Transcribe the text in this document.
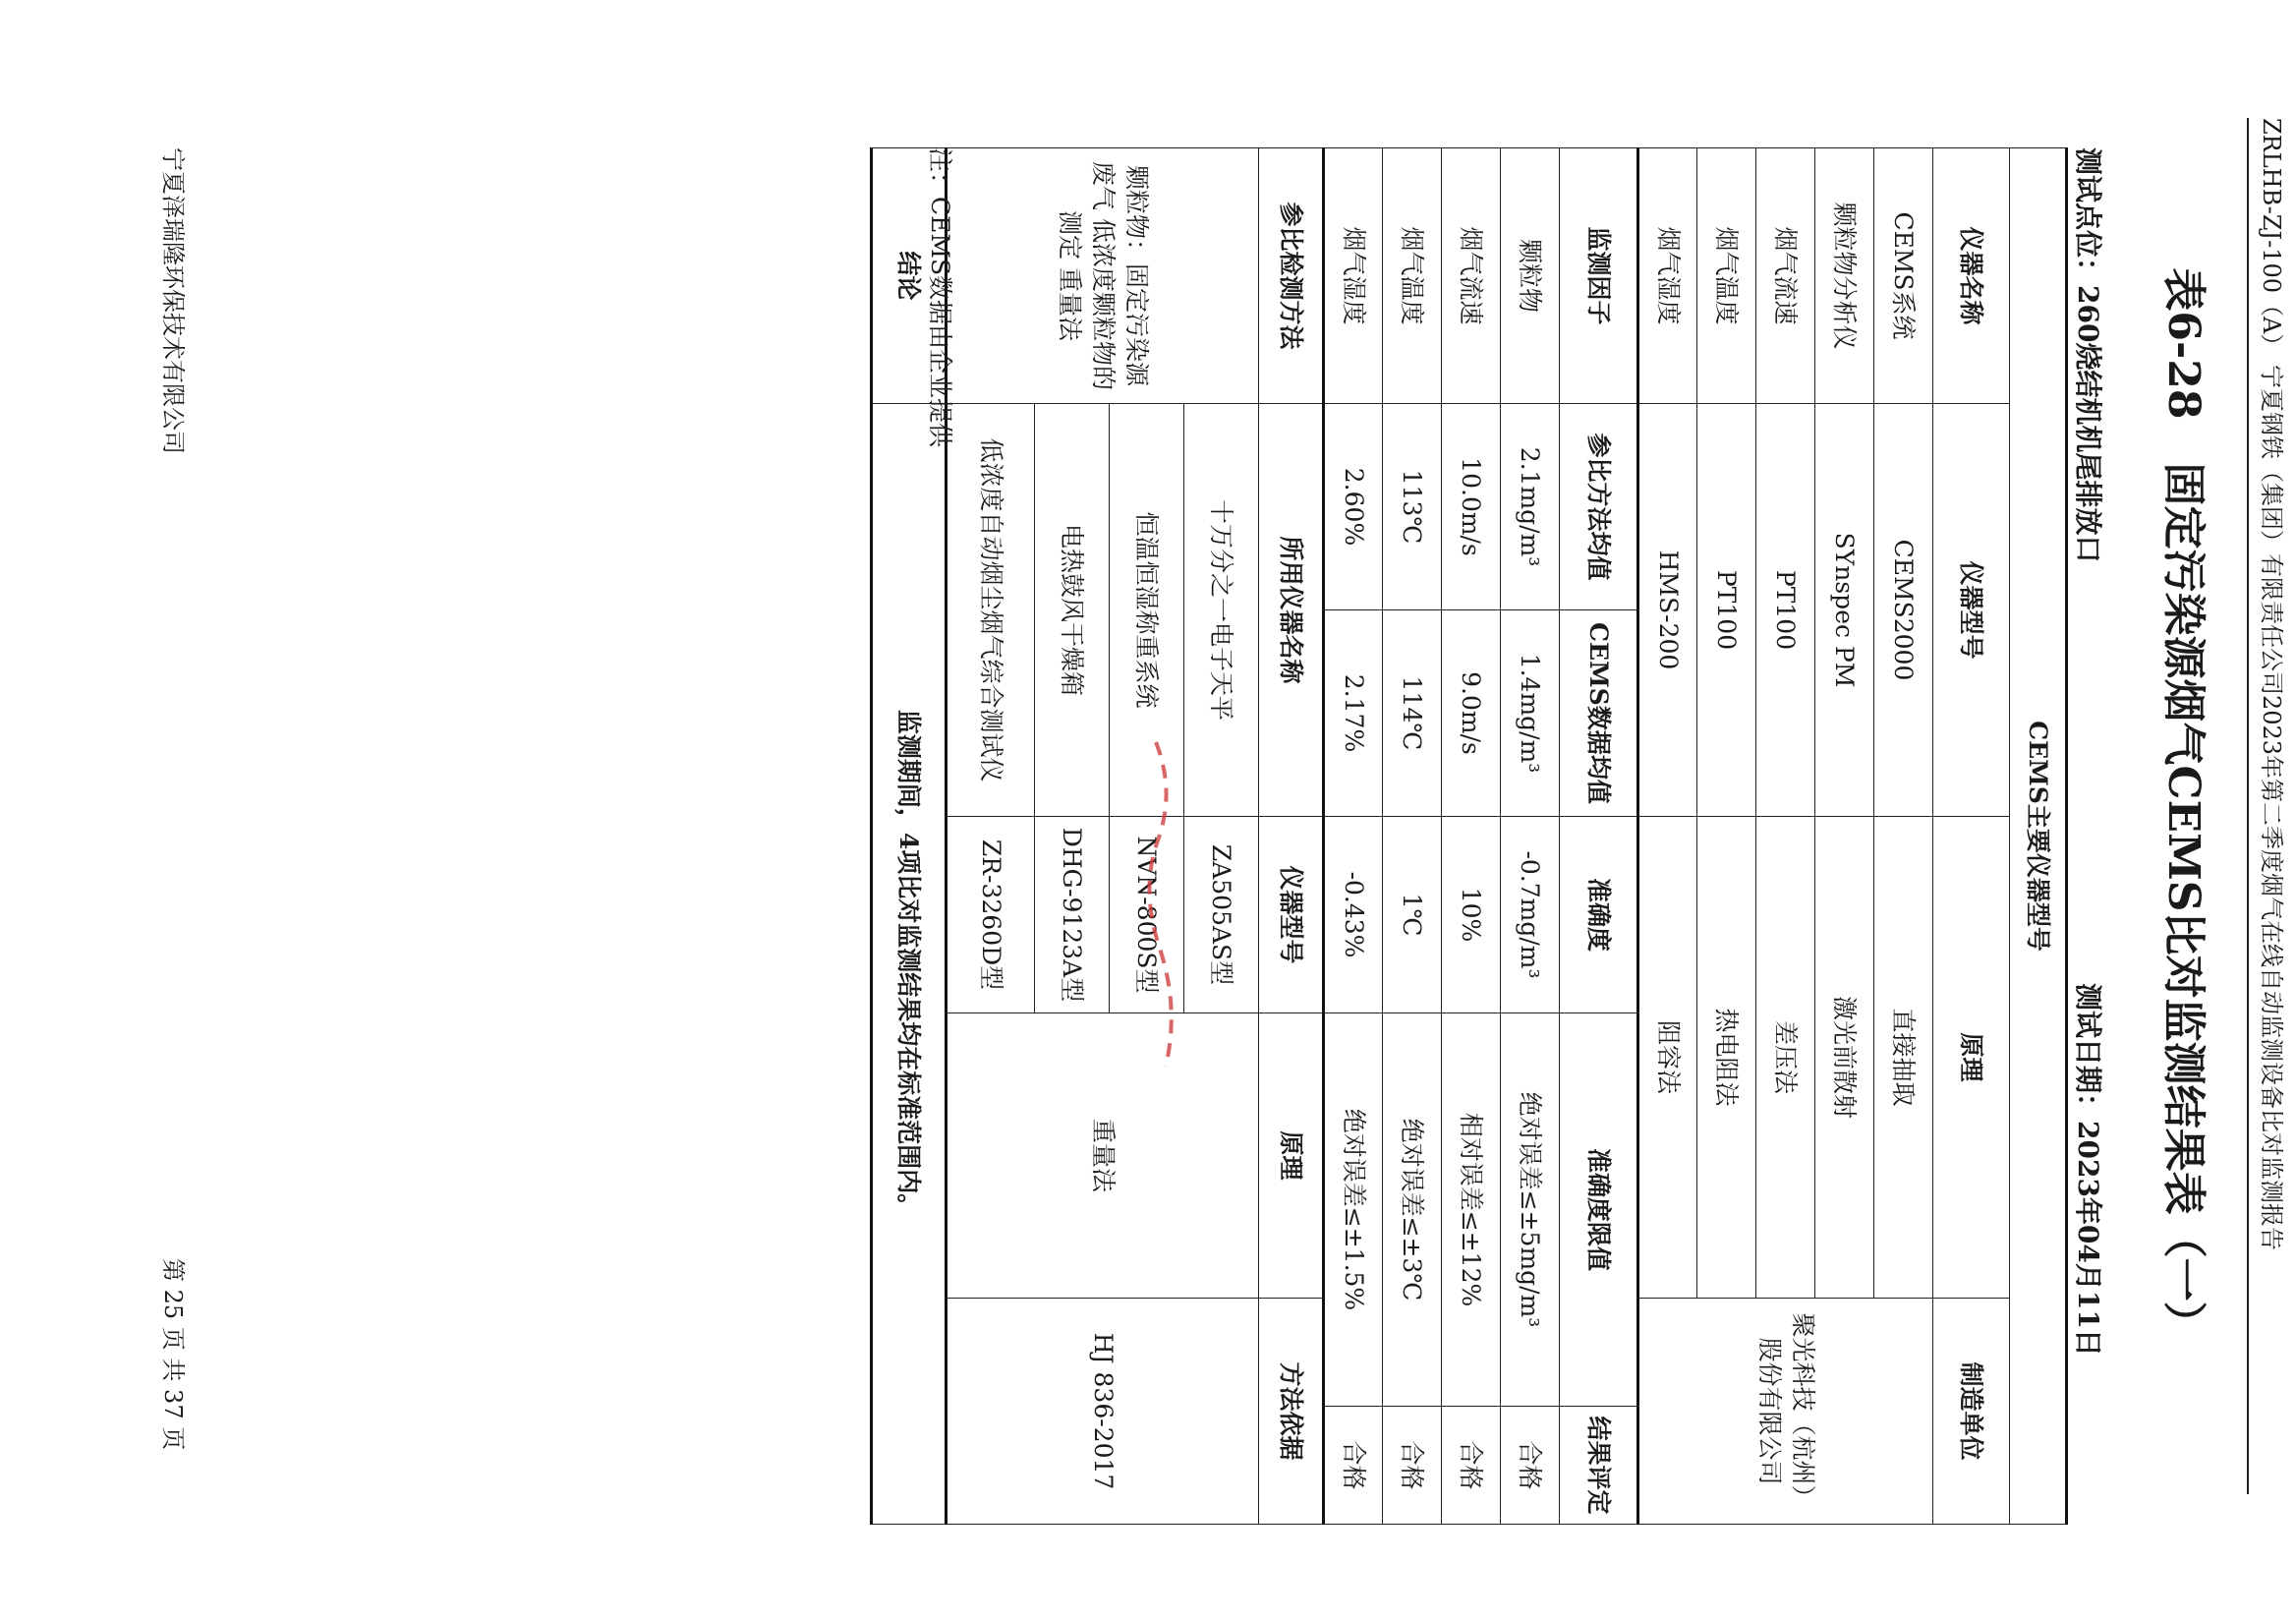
ZRLHB-ZJ-100（A） 宁夏钢铁（集团）有限责任公司2023年第二季度烟气在线自动监测设备比对监测报告
表6-28　固定污染源烟气CEMS比对监测结果表（一）
测试点位：260烧结机机尾排放口
测试日期：2023年04月11日
CEMS主要仪器型号						
仪器名称	仪器型号		原理		制造单位	
CEMS系统	CEMS2000		直接抽取		聚光科技（杭州）股份有限公司	
颗粒物分析仪	SYnspec PM		激光前散射			
烟气流速	PT100		差压法			
烟气温度	PT100		热电阻法			
烟气湿度	HMS-200		阻容法			
监测因子	参比方法均值	CEMS数据均值	准确度	准确度限值		结果评定
颗粒物	2.1mg/m³	1.4mg/m³	-0.7mg/m³	绝对误差≤±5mg/m³		合格
烟气流速	10.0m/s	9.0m/s	10%	相对误差≤±12%		合格
烟气温度	113℃	114℃	1℃	绝对误差≤±3℃		合格
烟气湿度	2.60%	2.17%	-0.43%	绝对误差≤±1.5%		合格
参比检测方法	所用仪器名称		仪器型号	原理	方法依据	
颗粒物：固定污染源废气 低浓度颗粒物的测定 重量法	十万分之一电子天平		ZA505AS型	重量法	HJ 836-2017	
	恒温恒湿称重系统		NVN-800S型			
	电热鼓风干燥箱		DHG-9123A型			
	低浓度自动烟尘烟气综合测试仪		ZR-3260D型			
结论	监测期间，4项比对监测结果均在标准范围内。					
注：CEMS数据由企业提供
宁夏泽瑞隆环保技术有限公司
第 25 页 共 37 页
